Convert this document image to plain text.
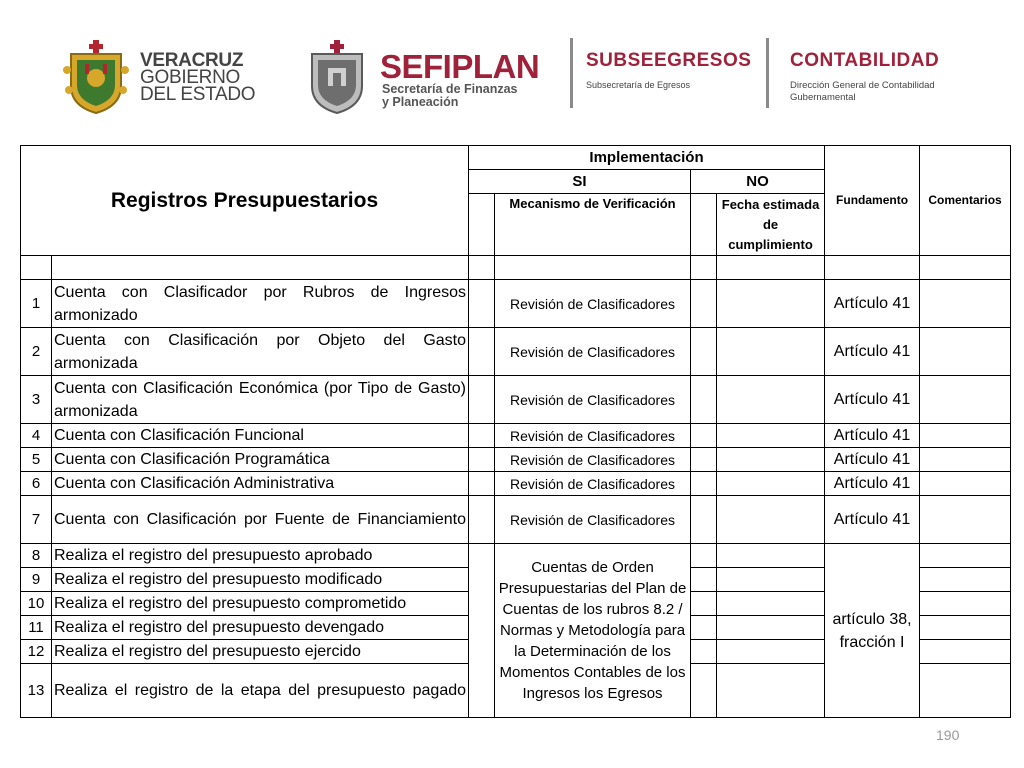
VERACRUZ
GOBIERNO
DEL ESTADO
SEFIPLAN
Secretaría de Finanzas
y Planeación
SUBSEEGRESOS
Subsecretaría de Egresos
CONTABILIDAD
Dirección General de Contabilidad
Gubernamental
Registros Presupuestarios		Implementación				Fundamento	Comentarios
		SI		NO			
			Mecanismo de Verificación		Fecha estimada de cumplimiento		

1	Cuenta con Clasificador por Rubros de Ingresos armonizado		Revisión de Clasificadores			Artículo 41	
2	Cuenta con Clasificación por Objeto del Gasto armonizada		Revisión de Clasificadores			Artículo 41	
3	Cuenta con Clasificación Económica (por Tipo de Gasto) armonizada		Revisión de Clasificadores			Artículo 41	
4	Cuenta con Clasificación Funcional		Revisión de Clasificadores			Artículo 41	
5	Cuenta con Clasificación Programática		Revisión de Clasificadores			Artículo 41	
6	Cuenta con Clasificación Administrativa		Revisión de Clasificadores			Artículo 41	
7	Cuenta con Clasificación por Fuente de Financiamiento		Revisión de Clasificadores			Artículo 41	
8	Realiza el registro del presupuesto aprobado		Cuentas de Orden Presupuestarias del Plan de Cuentas de los rubros 8.2 / Normas y Metodología para la Determinación de los Momentos Contables de los Ingresos los Egresos			artículo 38, fracción I	
9	Realiza el registro del presupuesto modificado						
10	Realiza el registro del presupuesto comprometido						
11	Realiza el registro del presupuesto devengado						
12	Realiza el registro del presupuesto ejercido						
13	Realiza el registro de la etapa del presupuesto pagado						
190
